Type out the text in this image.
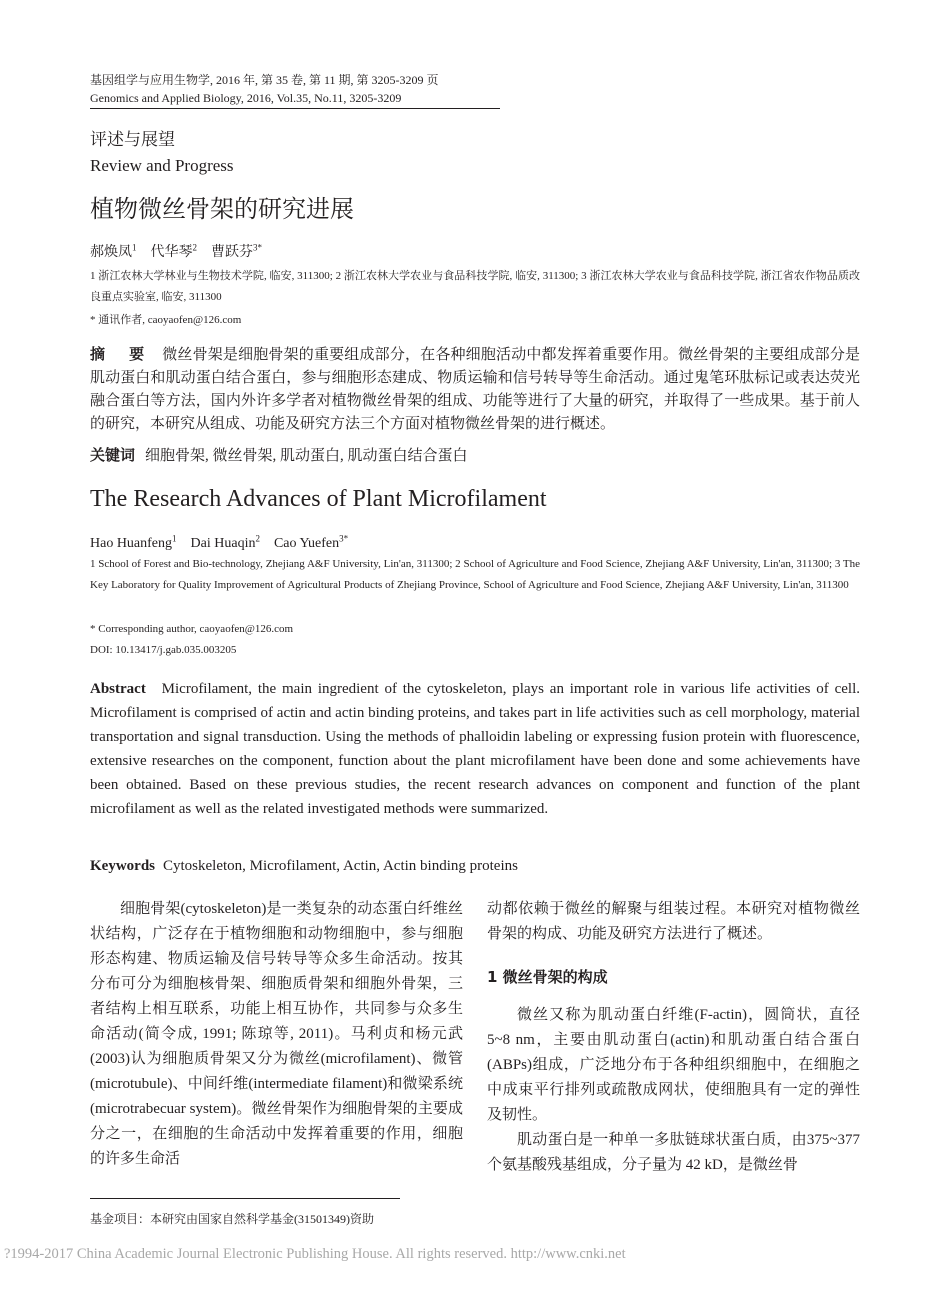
基因组学与应用生物学, 2016 年, 第 35 卷, 第 11 期, 第 3205-3209 页
Genomics and Applied Biology, 2016, Vol.35, No.11, 3205-3209
评述与展望
Review and Progress
植物微丝骨架的研究进展
郝焕凤$^1$ 代华琴$^2$ 曹跃芬$^{3*}$
1 浙江农林大学林业与生物技术学院, 临安, 311300; 2 浙江农林大学农业与食品科技学院, 临安, 311300; 3 浙江农林大学农业与食品科技学院, 浙江省农作物品质改良重点实验室, 临安, 311300
* 通讯作者, caoyaofen@126.com
摘 要 微丝骨架是细胞骨架的重要组成部分，在各种细胞活动中都发挥着重要作用。微丝骨架的主要组成部分是肌动蛋白和肌动蛋白结合蛋白，参与细胞形态建成、物质运输和信号转导等生命活动。通过鬼笔环肽标记或表达荧光融合蛋白等方法，国内外许多学者对植物微丝骨架的组成、功能等进行了大量的研究，并取得了一些成果。基于前人的研究，本研究从组成、功能及研究方法三个方面对植物微丝骨架的进行概述。
关键词 细胞骨架, 微丝骨架, 肌动蛋白, 肌动蛋白结合蛋白
The Research Advances of Plant Microfilament
Hao Huanfeng$^1$ Dai Huaqin$^2$ Cao Yuefen$^{3*}$
1 School of Forest and Bio-technology, Zhejiang A&F University, Lin'an, 311300; 2 School of Agriculture and Food Science, Zhejiang A&F University, Lin'an, 311300; 3 The Key Laboratory for Quality Improvement of Agricultural Products of Zhejiang Province, School of Agriculture and Food Science, Zhejiang A&F University, Lin'an, 311300
* Corresponding author, caoyaofen@126.com
DOI: 10.13417/j.gab.035.003205
Abstract Microfilament, the main ingredient of the cytoskeleton, plays an important role in various life activities of cell. Microfilament is comprised of actin and actin binding proteins, and takes part in life activities such as cell morphology, material transportation and signal transduction. Using the methods of phalloidin labeling or expressing fusion protein with fluorescence, extensive researches on the component, function about the plant microfilament have been done and some achievements have been obtained. Based on these previous studies, the recent research advances on component and function of the plant microfilament as well as the related investigated methods were summarized.
Keywords Cytoskeleton, Microfilament, Actin, Actin binding proteins

细胞骨架(cytoskeleton)是一类复杂的动态蛋白纤维丝状结构，广泛存在于植物细胞和动物细胞中，参与细胞形态构建、物质运输及信号转导等众多生命活动。按其分布可分为细胞核骨架、细胞质骨架和细胞外骨架，三者结构上相互联系，功能上相互协作，共同参与众多生命活动(简令成, 1991; 陈琼等, 2011)。马利贞和杨元武(2003)认为细胞质骨架又分为微丝(microfilament)、微管(microtubule)、中间纤维(intermediate filament)和微梁系统(microtrabecuar system)。微丝骨架作为细胞骨架的主要成分之一，在细胞的生命活动中发挥着重要的作用，细胞的许多生命活

动都依赖于微丝的解聚与组装过程。本研究对植物微丝骨架的构成、功能及研究方法进行了概述。

1 微丝骨架的构成

微丝又称为肌动蛋白纤维(F-actin)，圆筒状，直径 5~8 nm，主要由肌动蛋白(actin)和肌动蛋白结合蛋白(ABPs)组成，广泛地分布于各种组织细胞中，在细胞之中成束平行排列或疏散成网状，使细胞具有一定的弹性及韧性。

肌动蛋白是一种单一多肽链球状蛋白质，由375~377 个氨基酸残基组成，分子量为 42 kD，是微丝骨

基金项目：本研究由国家自然科学基金(31501349)资助
?1994-2017 China Academic Journal Electronic Publishing House. All rights reserved. http://www.cnki.net
